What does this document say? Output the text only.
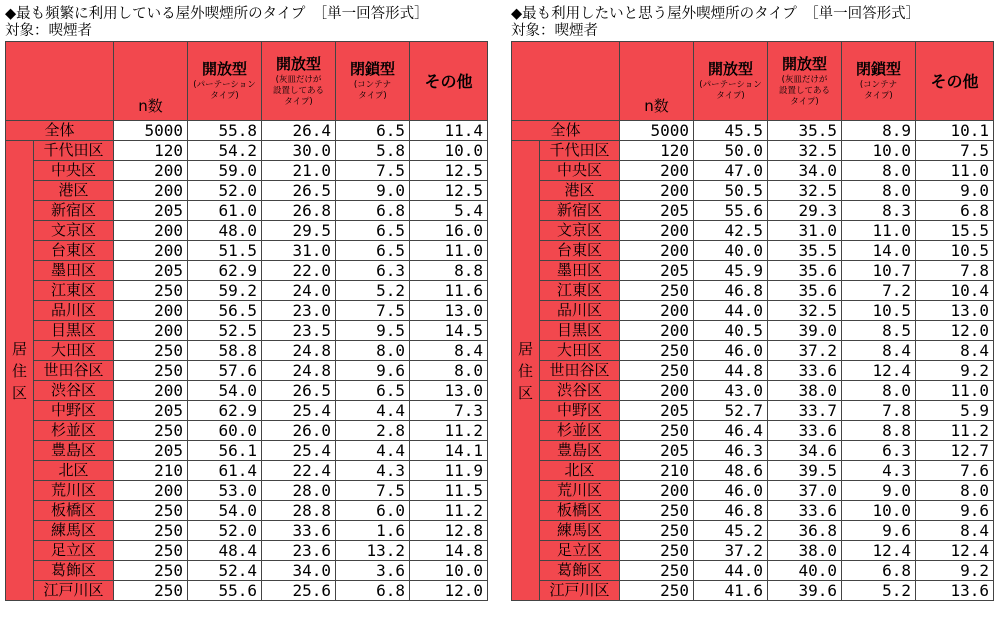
◆最も頻繁に利用している屋外喫煙所のタイプ　［単一回答形式］
対象：喫煙者
		n数	開放型
(パーテーション
タイプ)	開放型
(灰皿だけが
設置してある
タイプ)	閉鎖型
(コンテナ
タイプ)	その他
全体		5000	55.8	26.4	6.5	11.4

居
住
区	千代田区	120	54.2	30.0	5.8	10.0
	中央区	200	59.0	21.0	7.5	12.5
	港区	200	52.0	26.5	9.0	12.5
	新宿区	205	61.0	26.8	6.8	5.4
	文京区	200	48.0	29.5	6.5	16.0
	台東区	200	51.5	31.0	6.5	11.0
	墨田区	205	62.9	22.0	6.3	8.8
	江東区	250	59.2	24.0	5.2	11.6
	品川区	200	56.5	23.0	7.5	13.0
	目黒区	200	52.5	23.5	9.5	14.5
	大田区	250	58.8	24.8	8.0	8.4
	世田谷区	250	57.6	24.8	9.6	8.0
	渋谷区	200	54.0	26.5	6.5	13.0
	中野区	205	62.9	25.4	4.4	7.3
	杉並区	250	60.0	26.0	2.8	11.2
	豊島区	205	56.1	25.4	4.4	14.1
	北区	210	61.4	22.4	4.3	11.9
	荒川区	200	53.0	28.0	7.5	11.5
	板橋区	250	54.0	28.8	6.0	11.2
	練馬区	250	52.0	33.6	1.6	12.8
	足立区	250	48.4	23.6	13.2	14.8
	葛飾区	250	52.4	34.0	3.6	10.0
	江戸川区	250	55.6	25.6	6.8	12.0
◆最も利用したいと思う屋外喫煙所のタイプ　［単一回答形式］
対象：喫煙者
		n数	開放型
(パーテーション
タイプ)	開放型
(灰皿だけが
設置してある
タイプ)	閉鎖型
(コンテナ
タイプ)	その他
全体		5000	45.5	35.5	8.9	10.1

居
住
区	千代田区	120	50.0	32.5	10.0	7.5
	中央区	200	47.0	34.0	8.0	11.0
	港区	200	50.5	32.5	8.0	9.0
	新宿区	205	55.6	29.3	8.3	6.8
	文京区	200	42.5	31.0	11.0	15.5
	台東区	200	40.0	35.5	14.0	10.5
	墨田区	205	45.9	35.6	10.7	7.8
	江東区	250	46.8	35.6	7.2	10.4
	品川区	200	44.0	32.5	10.5	13.0
	目黒区	200	40.5	39.0	8.5	12.0
	大田区	250	46.0	37.2	8.4	8.4
	世田谷区	250	44.8	33.6	12.4	9.2
	渋谷区	200	43.0	38.0	8.0	11.0
	中野区	205	52.7	33.7	7.8	5.9
	杉並区	250	46.4	33.6	8.8	11.2
	豊島区	205	46.3	34.6	6.3	12.7
	北区	210	48.6	39.5	4.3	7.6
	荒川区	200	46.0	37.0	9.0	8.0
	板橋区	250	46.8	33.6	10.0	9.6
	練馬区	250	45.2	36.8	9.6	8.4
	足立区	250	37.2	38.0	12.4	12.4
	葛飾区	250	44.0	40.0	6.8	9.2
	江戸川区	250	41.6	39.6	5.2	13.6
